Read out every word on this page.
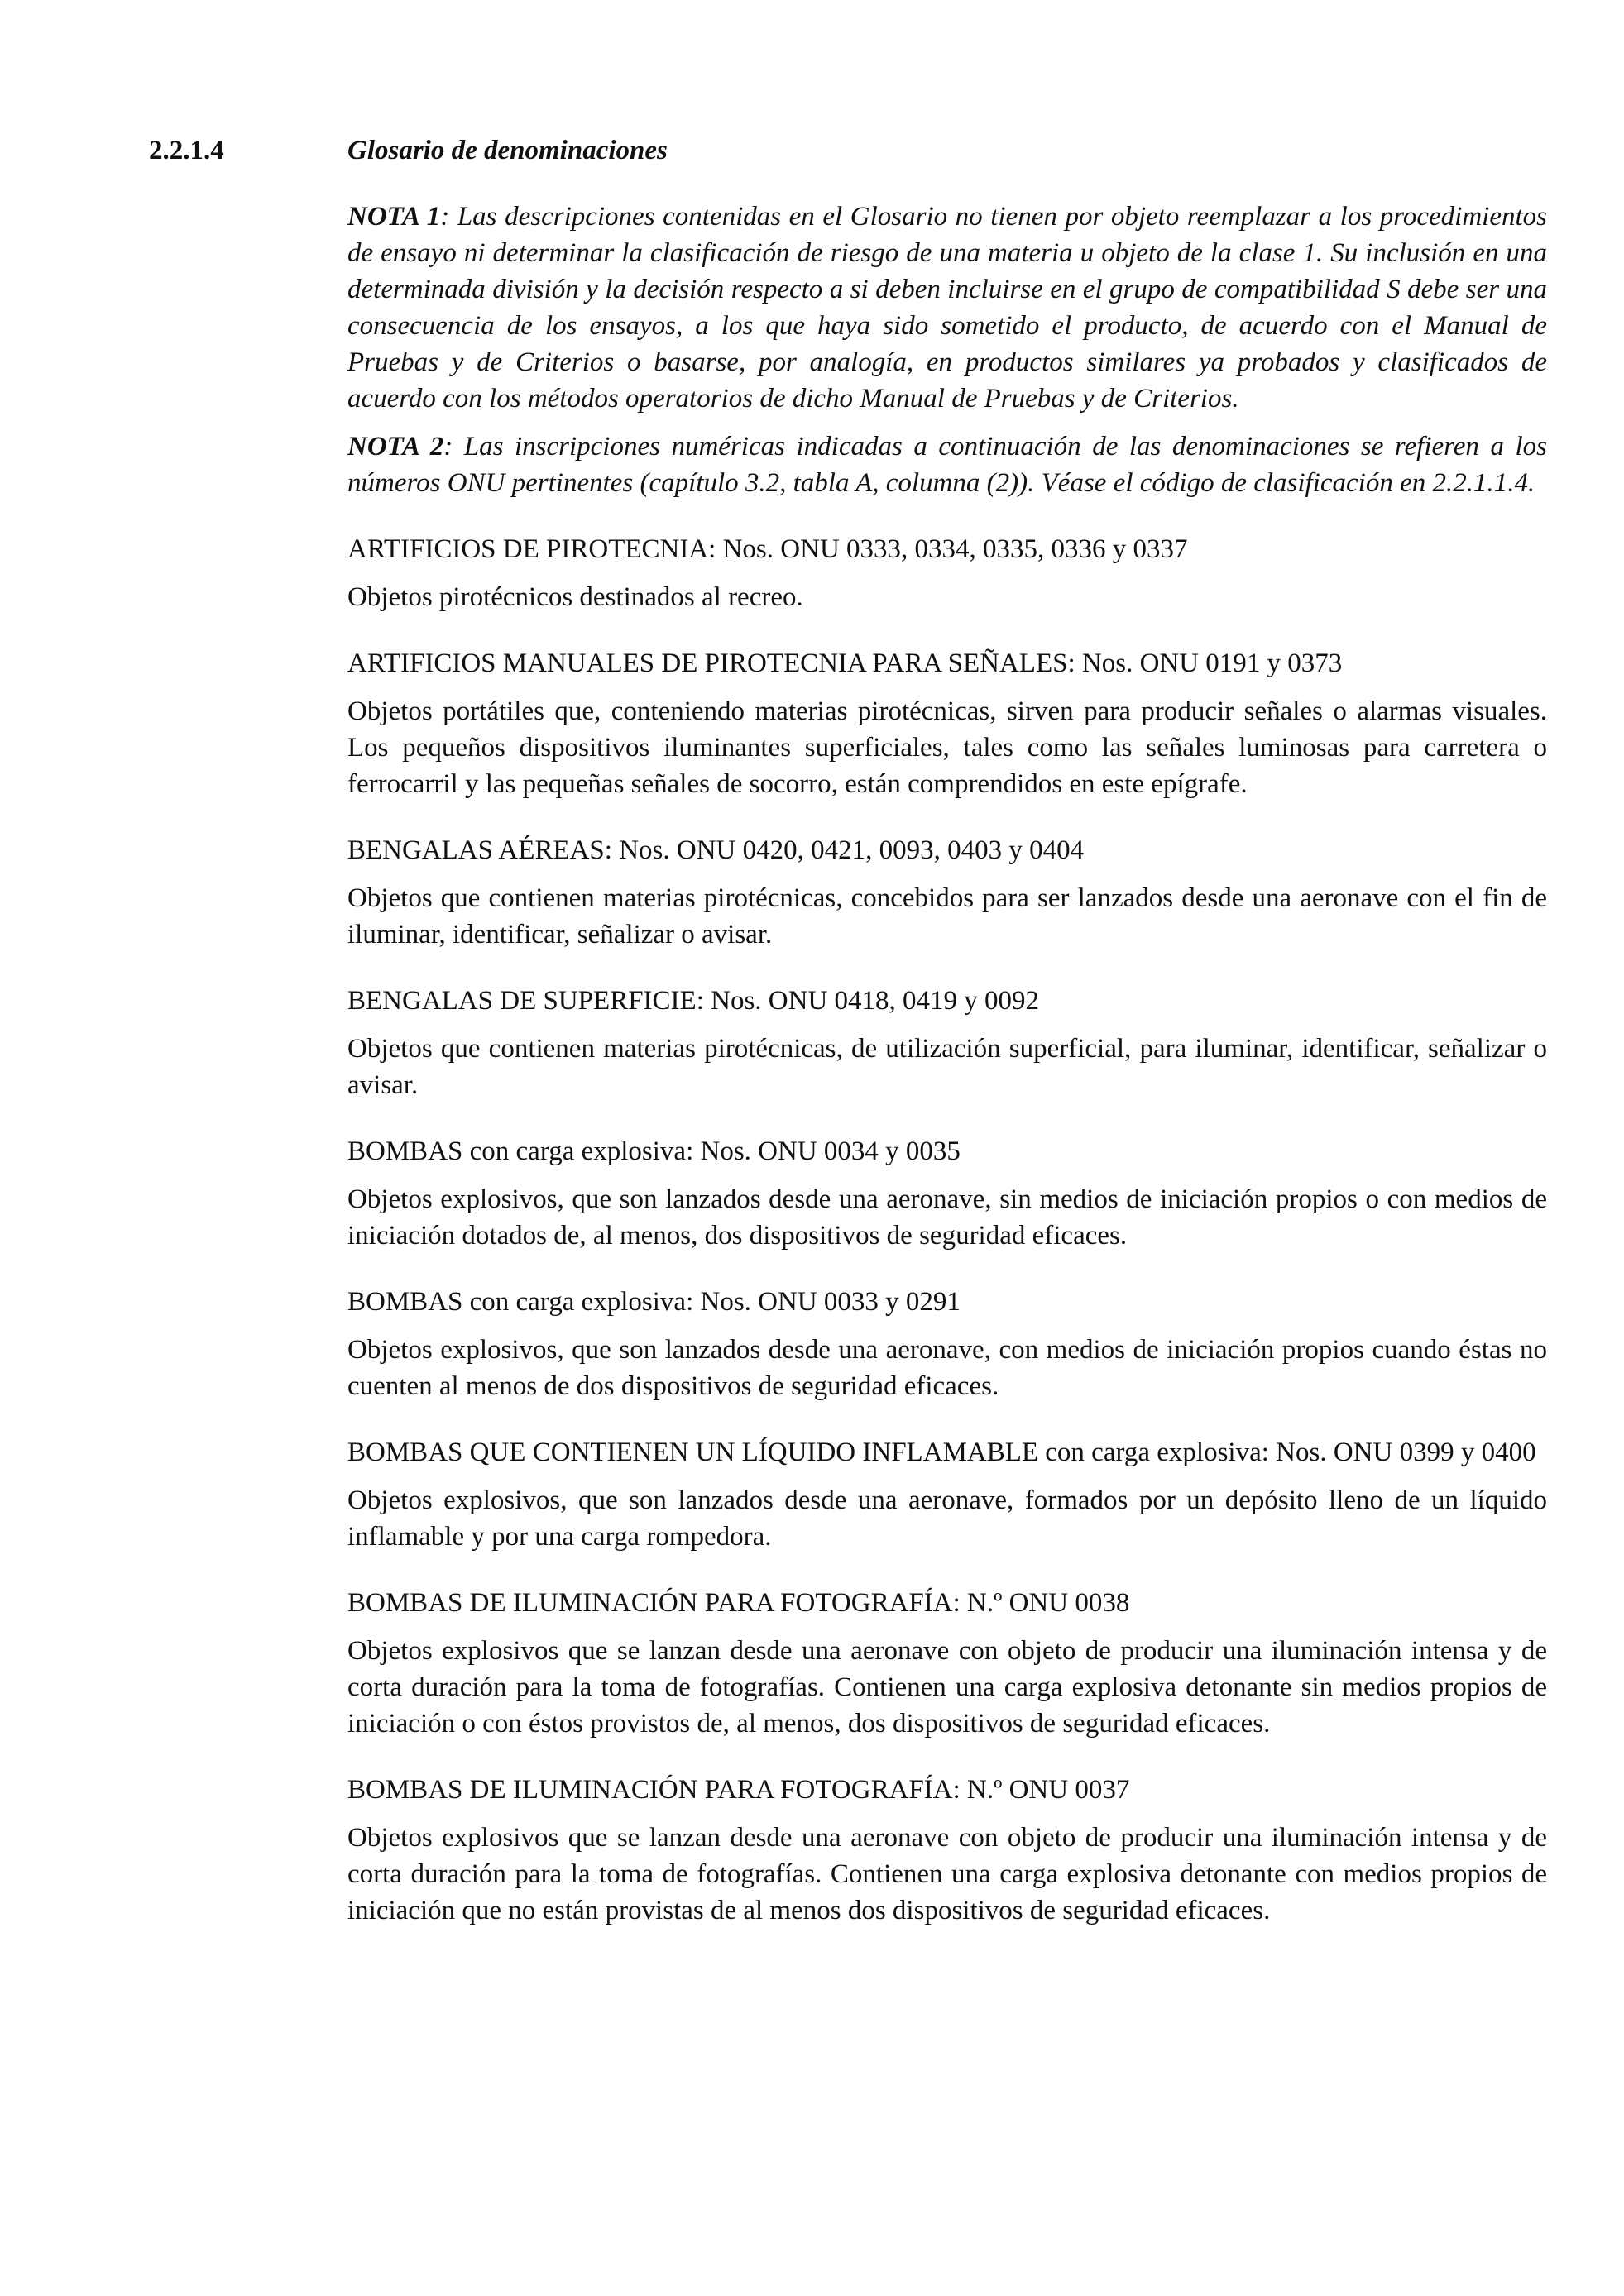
2.2.1.4	Glosario de denominaciones

NOTA 1: Las descripciones contenidas en el Glosario no tienen por objeto reemplazar a los procedimientos de ensayo ni determinar la clasificación de riesgo de una materia u objeto de la clase 1. Su inclusión en una determinada división y la decisión respecto a si deben incluirse en el grupo de compatibilidad S debe ser una consecuencia de los ensayos, a los que haya sido sometido el producto, de acuerdo con el Manual de Pruebas y de Criterios o basarse, por analogía, en productos similares ya probados y clasificados de acuerdo con los métodos operatorios de dicho Manual de Pruebas y de Criterios.

NOTA 2: Las inscripciones numéricas indicadas a continuación de las denominaciones se refieren a los números ONU pertinentes (capítulo 3.2, tabla A, columna (2)). Véase el código de clasificación en 2.2.1.1.4.

ARTIFICIOS DE PIROTECNIA: Nos. ONU 0333, 0334, 0335, 0336 y 0337

Objetos pirotécnicos destinados al recreo.

ARTIFICIOS MANUALES DE PIROTECNIA PARA SEÑALES: Nos. ONU 0191 y 0373

Objetos portátiles que, conteniendo materias pirotécnicas, sirven para producir señales o alarmas visuales. Los pequeños dispositivos iluminantes superficiales, tales como las señales luminosas para carretera o ferrocarril y las pequeñas señales de socorro, están comprendidos en este epígrafe.

BENGALAS AÉREAS: Nos. ONU 0420, 0421, 0093, 0403 y 0404

Objetos que contienen materias pirotécnicas, concebidos para ser lanzados desde una aeronave con el fin de iluminar, identificar, señalizar o avisar.

BENGALAS DE SUPERFICIE: Nos. ONU 0418, 0419 y 0092

Objetos que contienen materias pirotécnicas, de utilización superficial, para iluminar, identificar, señalizar o avisar.

BOMBAS con carga explosiva: Nos. ONU 0034 y 0035

Objetos explosivos, que son lanzados desde una aeronave, sin medios de iniciación propios o con medios de iniciación dotados de, al menos, dos dispositivos de seguridad eficaces.

BOMBAS con carga explosiva: Nos. ONU 0033 y 0291

Objetos explosivos, que son lanzados desde una aeronave, con medios de iniciación propios cuando éstas no cuenten al menos de dos dispositivos de seguridad eficaces.

BOMBAS QUE CONTIENEN UN LÍQUIDO INFLAMABLE con carga explosiva: Nos. ONU 0399 y 0400

Objetos explosivos, que son lanzados desde una aeronave, formados por un depósito lleno de un líquido inflamable y por una carga rompedora.

BOMBAS DE ILUMINACIÓN PARA FOTOGRAFÍA: N.º ONU 0038

Objetos explosivos que se lanzan desde una aeronave con objeto de producir una iluminación intensa y de corta duración para la toma de fotografías. Contienen una carga explosiva detonante sin medios propios de iniciación o con éstos provistos de, al menos, dos dispositivos de seguridad eficaces.

BOMBAS DE ILUMINACIÓN PARA FOTOGRAFÍA: N.º ONU 0037

Objetos explosivos que se lanzan desde una aeronave con objeto de producir una iluminación intensa y de corta duración para la toma de fotografías. Contienen una carga explosiva detonante con medios propios de iniciación que no están provistas de al menos dos dispositivos de seguridad eficaces.
